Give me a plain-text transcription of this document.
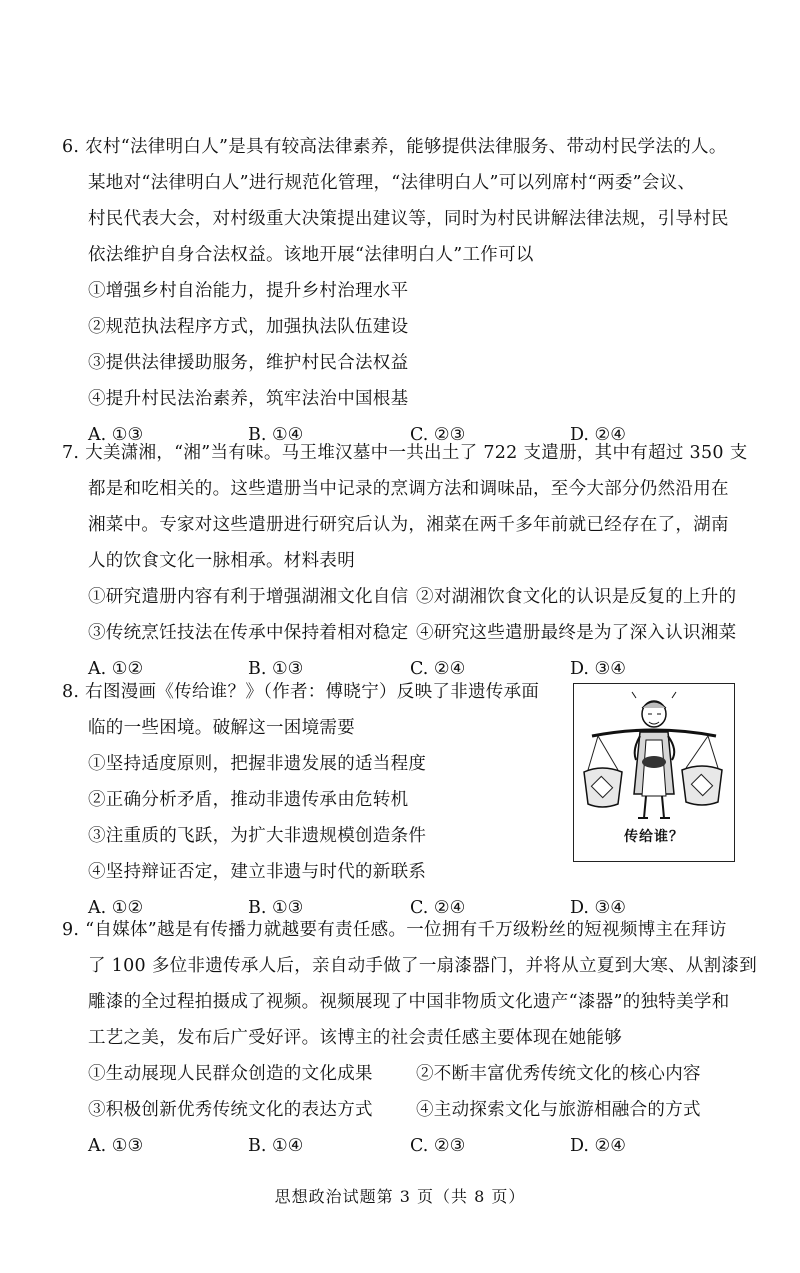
6. 农村“法律明白人”是具有较高法律素养，能够提供法律服务、带动村民学法的人。
某地对“法律明白人”进行规范化管理，“法律明白人”可以列席村“两委”会议、
村民代表大会，对村级重大决策提出建议等，同时为村民讲解法律法规，引导村民
依法维护自身合法权益。该地开展“法律明白人”工作可以
①增强乡村自治能力，提升乡村治理水平
②规范执法程序方式，加强执法队伍建设
③提供法律援助服务，维护村民合法权益
④提升村民法治素养，筑牢法治中国根基
A. ①③	B. ①④	C. ②③	D. ②④
7. 大美潇湘，“湘”当有味。马王堆汉墓中一共出土了 722 支遣册，其中有超过 350 支
都是和吃相关的。这些遣册当中记录的烹调方法和调味品，至今大部分仍然沿用在
湘菜中。专家对这些遣册进行研究后认为，湘菜在两千多年前就已经存在了，湖南
人的饮食文化一脉相承。材料表明
①研究遣册内容有利于增强湖湘文化自信 ②对湖湘饮食文化的认识是反复的上升的
③传统烹饪技法在传承中保持着相对稳定 ④研究这些遣册最终是为了深入认识湘菜
A. ①②	B. ①③	C. ②④	D. ③④
8. 右图漫画《传给谁？》（作者：傅晓宁）反映了非遗传承面
临的一些困境。破解这一困境需要
①坚持适度原则，把握非遗发展的适当程度
②正确分析矛盾，推动非遗传承由危转机
③注重质的飞跃，为扩大非遗规模创造条件
④坚持辩证否定，建立非遗与时代的新联系
A. ①②	B. ①③	C. ②④	D. ③④
传给谁？
9. “自媒体”越是有传播力就越要有责任感。一位拥有千万级粉丝的短视频博主在拜访
了 100 多位非遗传承人后，亲自动手做了一扇漆器门，并将从立夏到大寒、从割漆到
雕漆的全过程拍摄成了视频。视频展现了中国非物质文化遗产“漆器”的独特美学和
工艺之美，发布后广受好评。该博主的社会责任感主要体现在她能够
①生动展现人民群众创造的文化成果	②不断丰富优秀传统文化的核心内容
③积极创新优秀传统文化的表达方式	④主动探索文化与旅游相融合的方式
A. ①③	B. ①④	C. ②③	D. ②④
思想政治试题第 3 页（共 8 页）
